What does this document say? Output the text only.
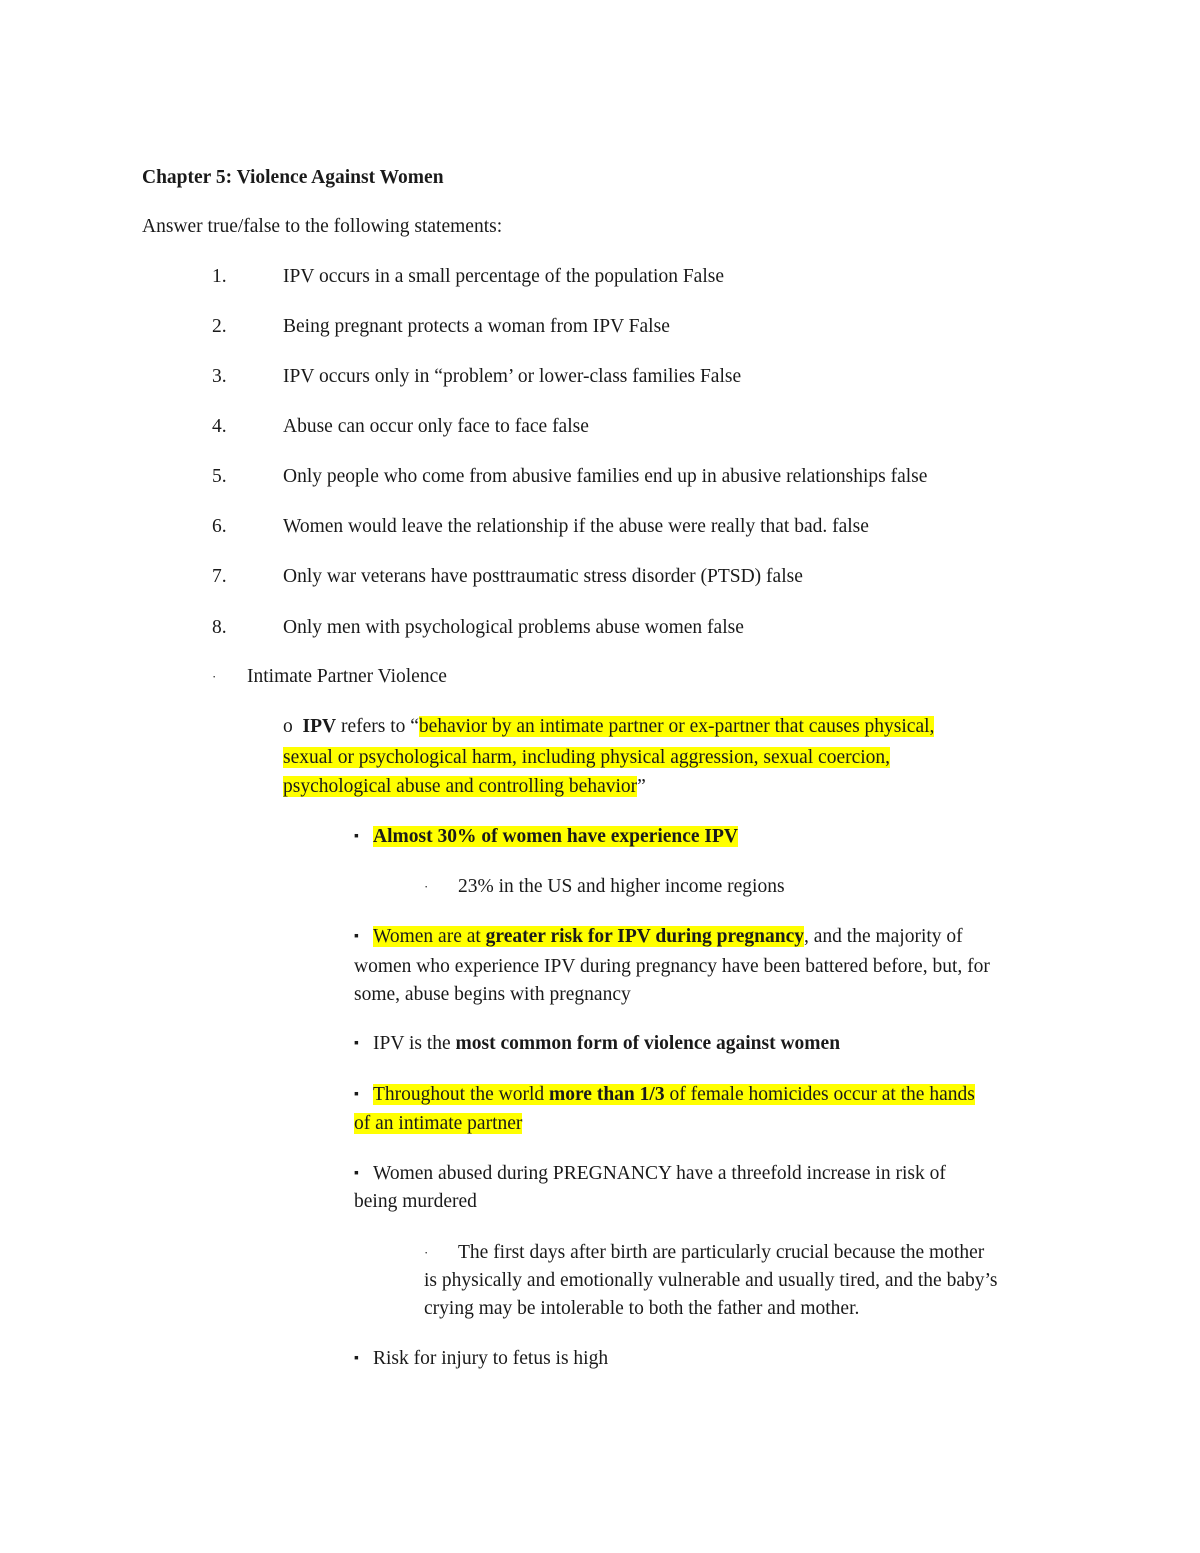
Chapter 5: Violence Against Women
Answer true/false to the following statements:
1.	IPV occurs in a small percentage of the population False
2.	Being pregnant protects a woman from IPV False
3.	IPV occurs only in “problem’ or lower-class families False
4.	Abuse can occur only face to face false
5.	Only people who come from abusive families end up in abusive relationships false
6.	Women would leave the relationship if the abuse were really that bad. false
7.	Only war veterans have posttraumatic stress disorder (PTSD) false
8.	Only men with psychological problems abuse women false
· Intimate Partner Violence
o IPV refers to “behavior by an intimate partner or ex-partner that causes physical,
sexual or psychological harm, including physical aggression, sexual coercion,
psychological abuse and controlling behavior”
▪ Almost 30% of women have experience IPV
· 23% in the US and higher income regions
▪ Women are at greater risk for IPV during pregnancy, and the majority of
women who experience IPV during pregnancy have been battered before, but, for
some, abuse begins with pregnancy
▪ IPV is the most common form of violence against women
▪ Throughout the world more than 1/3 of female homicides occur at the hands
of an intimate partner
▪ Women abused during PREGNANCY have a threefold increase in risk of
being murdered
· The first days after birth are particularly crucial because the mother
is physically and emotionally vulnerable and usually tired, and the baby’s
crying may be intolerable to both the father and mother.
▪ Risk for injury to fetus is high
